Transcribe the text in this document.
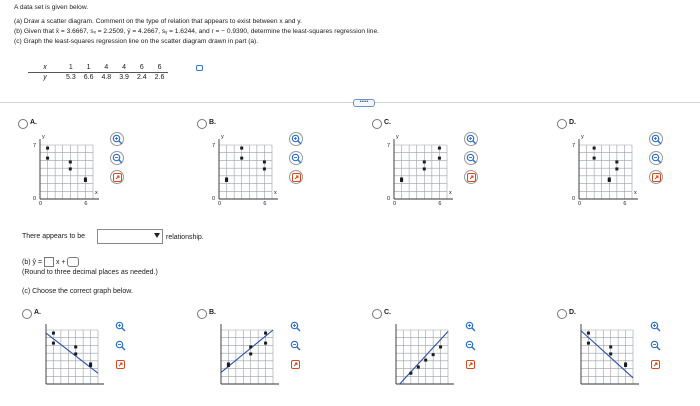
A data set is given below.
(a) Draw a scatter diagram. Comment on the type of relation that appears to exist between x and y.
(b) Given that x̄ = 3.6667, sₓ = 2.2509, ȳ = 4.2667, sᵧ = 1.6244, and r = − 0.9390, determine the least-squares regression line.
(c) Graph the least-squares regression line on the scatter diagram drawn in part (a).
x	1	1	4	4	6	6
y	5.3	6.6	4.8	3.9	2.4	2.6
•••••
There appears to be	relationship.
(b) ŷ = x +
(Round to three decimal places as needed.)
(c) Choose the correct graph below.
A.
y
7
0
0	6
x
B.
y
7
0
0	6
x
C.
y
7
0
0	6
x
D.
y
7
0
0	6
x
A.	B.	C.	D.
